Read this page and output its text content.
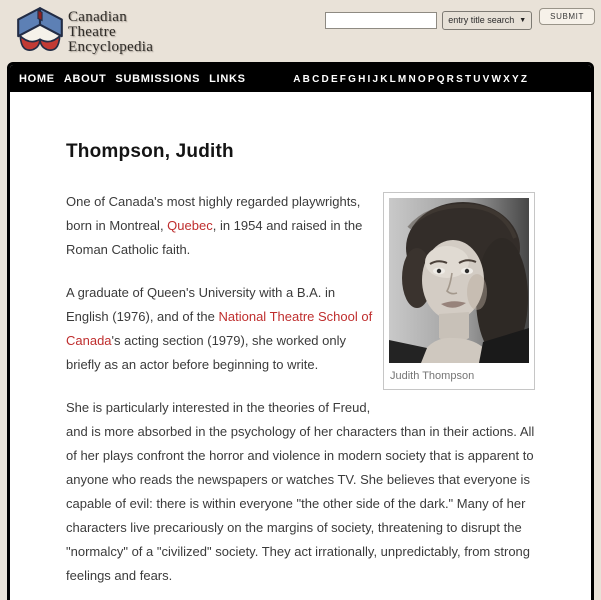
Canadian
Theatre
Encyclopedia
entry title search ▼	SUBMIT
HOME ABOUT SUBMISSIONS LINKS	A B C D E F G H I J K L M N O P Q R S T U V W X Y Z
Thompson, Judith
Judith Thompson

One of Canada's most highly regarded playwrights, born in Montreal, Quebec, in 1954 and raised in the Roman Catholic faith.

A graduate of Queen's University with a B.A. in English (1976), and of the National Theatre School of Canada's acting section (1979), she worked only briefly as an actor before beginning to write.

She is particularly interested in the theories of Freud, and is more absorbed in the psychology of her characters than in their actions. All of her plays confront the horror and violence in modern society that is apparent to anyone who reads the newspapers or watches TV. She believes that everyone is capable of evil: there is within everyone "the other side of the dark." Many of her characters live precariously on the margins of society, threatening to disrupt the "normalcy" of a "civilized" society. They act irrationally, unpredictably, from strong feelings and fears.
